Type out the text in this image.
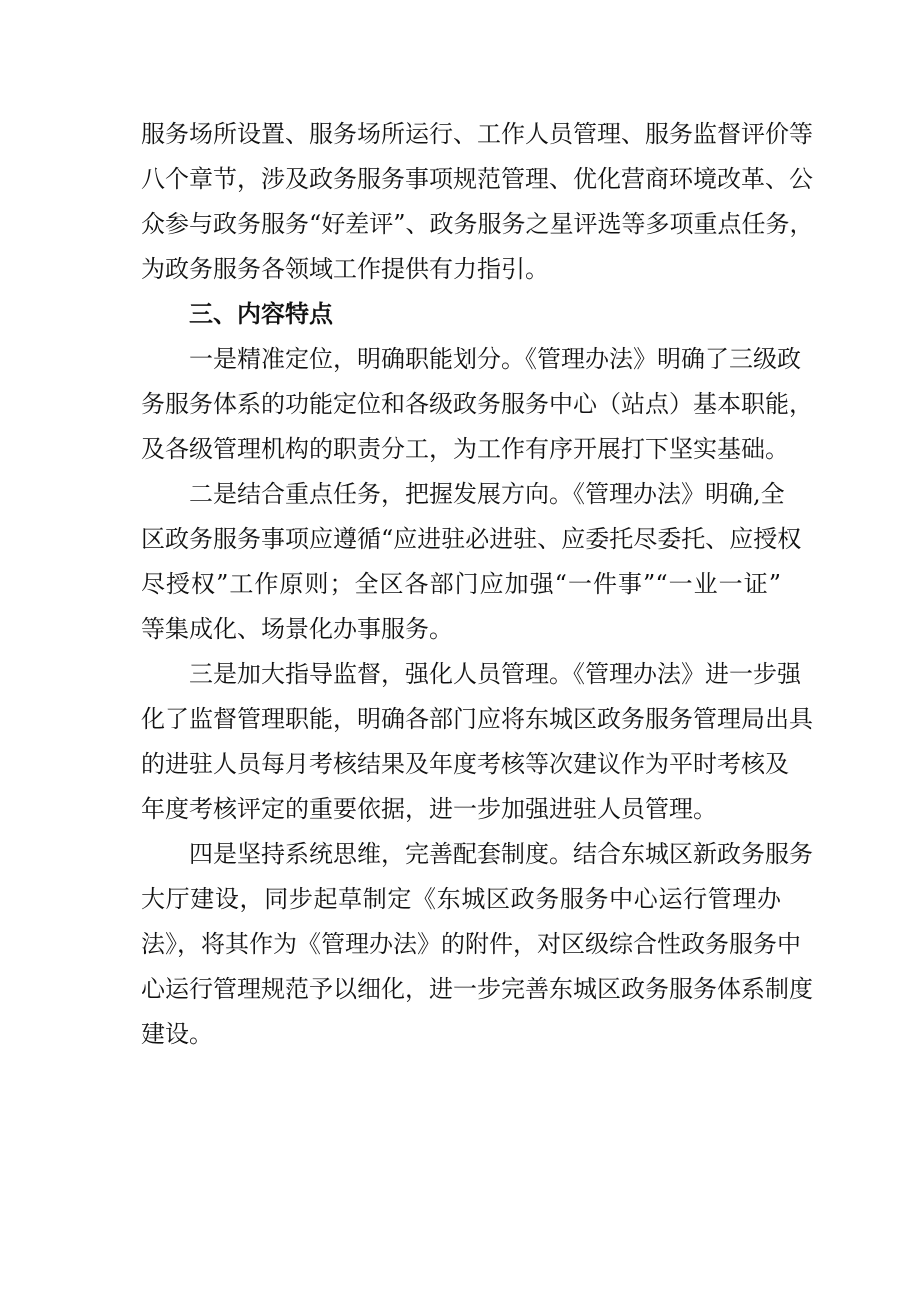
服务场所设置、服务场所运行、工作人员管理、服务监督评价等
八个章节，涉及政务服务事项规范管理、优化营商环境改革、公
众参与政务服务“好差评”、政务服务之星评选等多项重点任务，
为政务服务各领域工作提供有力指引。
三、内容特点
一是精准定位，明确职能划分。《管理办法》明确了三级政
务服务体系的功能定位和各级政务服务中心（站点）基本职能，
及各级管理机构的职责分工，为工作有序开展打下坚实基础。
二是结合重点任务，把握发展方向。《管理办法》明确,全
区政务服务事项应遵循“应进驻必进驻、应委托尽委托、应授权
尽授权”工作原则；全区各部门应加强“一件事”“一业一证”
等集成化、场景化办事服务。
三是加大指导监督，强化人员管理。《管理办法》进一步强
化了监督管理职能，明确各部门应将东城区政务服务管理局出具
的进驻人员每月考核结果及年度考核等次建议作为平时考核及
年度考核评定的重要依据，进一步加强进驻人员管理。
四是坚持系统思维，完善配套制度。结合东城区新政务服务
大厅建设，同步起草制定《东城区政务服务中心运行管理办
法》，将其作为《管理办法》的附件，对区级综合性政务服务中
心运行管理规范予以细化，进一步完善东城区政务服务体系制度
建设。
